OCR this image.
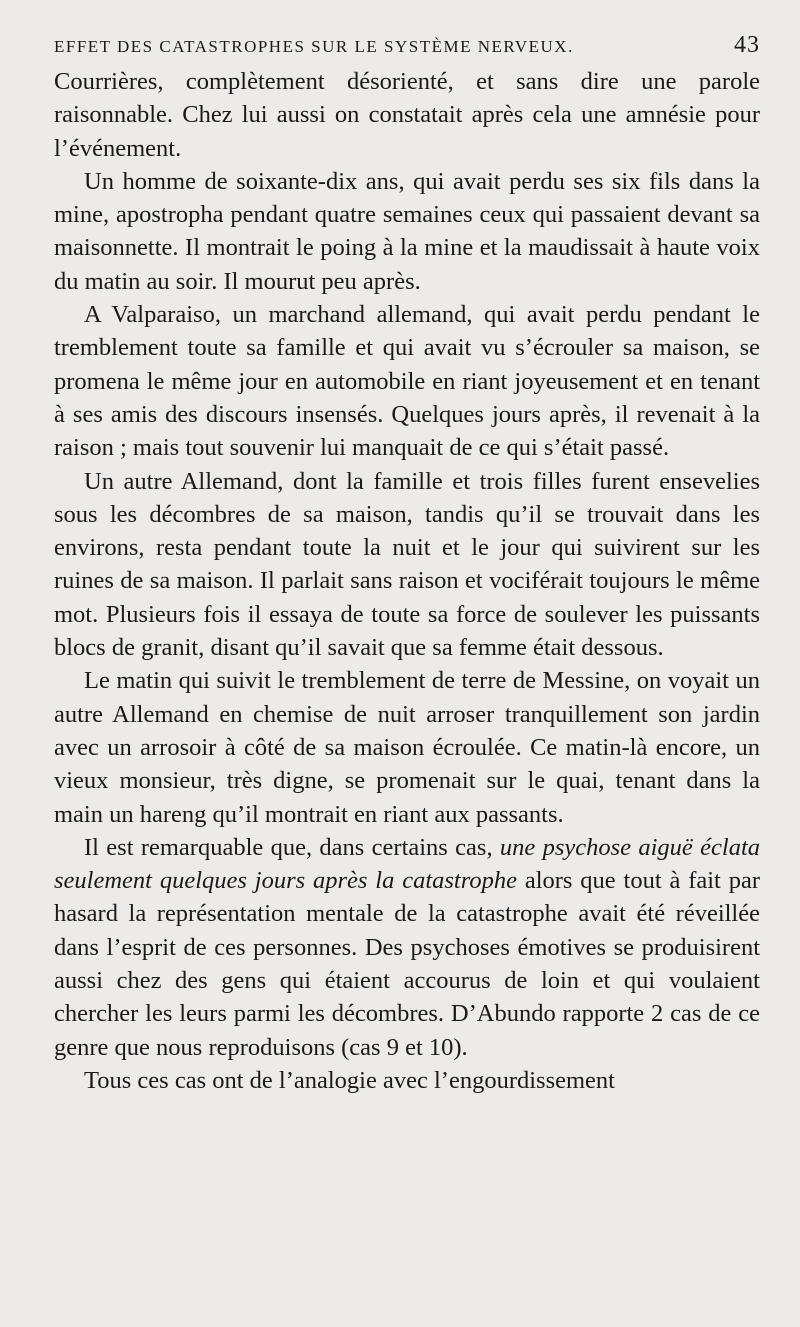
EFFET DES CATASTROPHES SUR LE SYSTÈME NERVEUX.	43

Courrières, complètement désorienté, et sans dire une parole raisonnable. Chez lui aussi on constatait après cela une amnésie pour l’événement.

Un homme de soixante-dix ans, qui avait perdu ses six fils dans la mine, apostropha pendant quatre semaines ceux qui passaient devant sa maisonnette. Il montrait le poing à la mine et la maudissait à haute voix du matin au soir. Il mourut peu après.

A Valparaiso, un marchand allemand, qui avait perdu pendant le tremblement toute sa famille et qui avait vu s’écrouler sa maison, se promena le même jour en automobile en riant joyeusement et en tenant à ses amis des discours insensés. Quelques jours après, il revenait à la raison ; mais tout souvenir lui manquait de ce qui s’était passé.

Un autre Allemand, dont la famille et trois filles furent ensevelies sous les décombres de sa maison, tandis qu’il se trouvait dans les environs, resta pendant toute la nuit et le jour qui suivirent sur les ruines de sa maison. Il parlait sans raison et vociférait toujours le même mot. Plusieurs fois il essaya de toute sa force de soulever les puissants blocs de granit, disant qu’il savait que sa femme était dessous.

Le matin qui suivit le tremblement de terre de Messine, on voyait un autre Allemand en chemise de nuit arroser tranquillement son jardin avec un arrosoir à côté de sa maison écroulée. Ce matin-là encore, un vieux monsieur, très digne, se promenait sur le quai, tenant dans la main un hareng qu’il montrait en riant aux passants.

Il est remarquable que, dans certains cas, une psychose aiguë éclata seulement quelques jours après la catastrophe alors que tout à fait par hasard la représentation mentale de la catastrophe avait été réveillée dans l’esprit de ces personnes. Des psychoses émotives se produisirent aussi chez des gens qui étaient accourus de loin et qui voulaient chercher les leurs parmi les décombres. D’Abundo rapporte 2 cas de ce genre que nous reproduisons (cas 9 et 10).

Tous ces cas ont de l’analogie avec l’engourdissement
